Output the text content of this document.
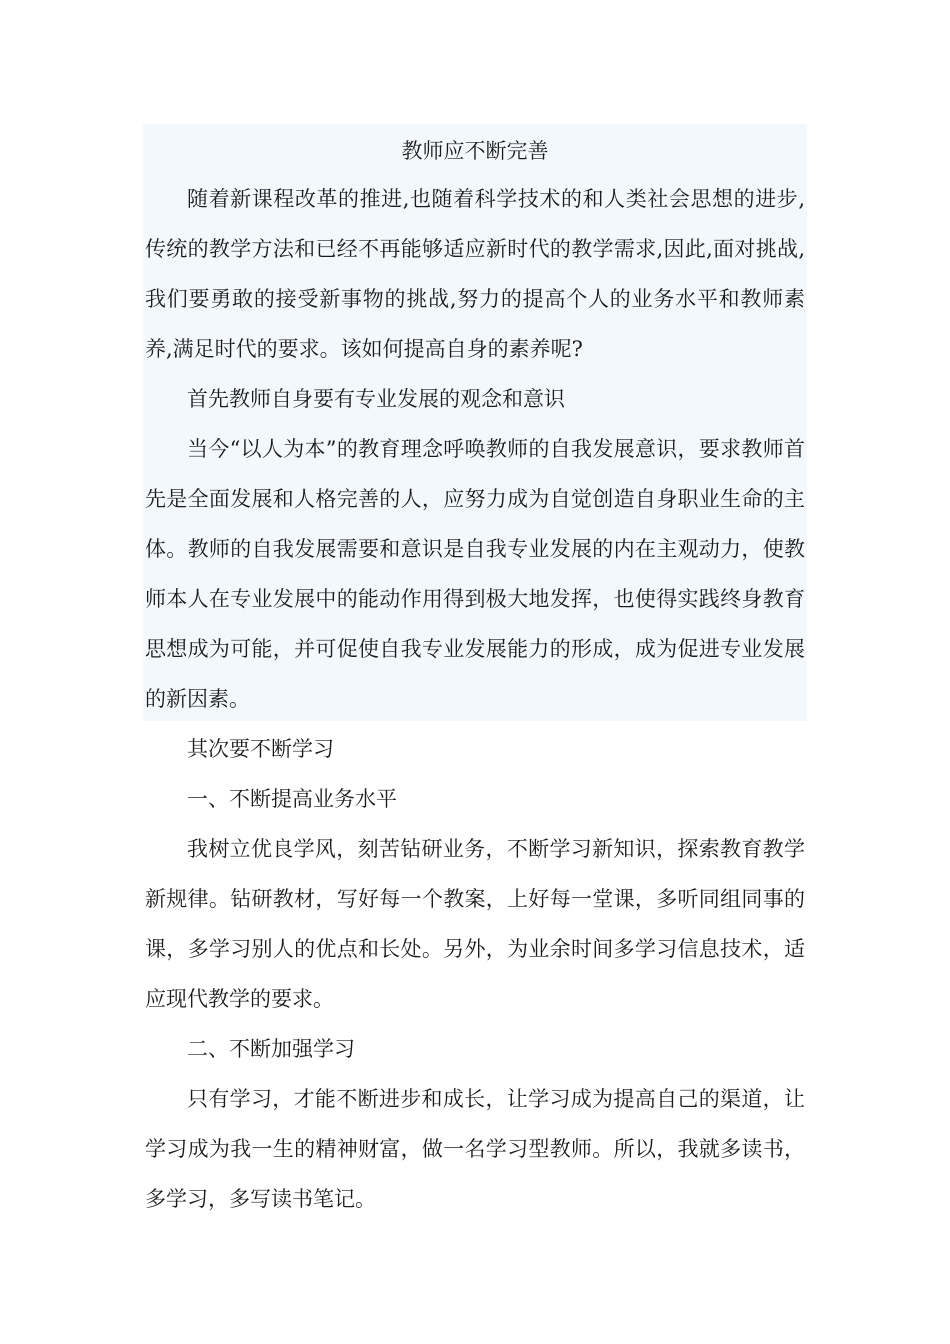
教师应不断完善

随着新课程改革的推进,也随着科学技术的和人类社会思想的进步,传统的教学方法和已经不再能够适应新时代的教学需求,因此,面对挑战,我们要勇敢的接受新事物的挑战,努力的提高个人的业务水平和教师素养,满足时代的要求。该如何提高自身的素养呢?

首先教师自身要有专业发展的观念和意识

当今“以人为本”的教育理念呼唤教师的自我发展意识，要求教师首先是全面发展和人格完善的人，应努力成为自觉创造自身职业生命的主体。教师的自我发展需要和意识是自我专业发展的内在主观动力，使教师本人在专业发展中的能动作用得到极大地发挥，也使得实践终身教育思想成为可能，并可促使自我专业发展能力的形成，成为促进专业发展的新因素。

其次要不断学习

一、不断提高业务水平

我树立优良学风，刻苦钻研业务，不断学习新知识，探索教育教学新规律。钻研教材，写好每一个教案，上好每一堂课，多听同组同事的课，多学习别人的优点和长处。另外，为业余时间多学习信息技术，适应现代教学的要求。

二、不断加强学习

只有学习，才能不断进步和成长，让学习成为提高自己的渠道，让学习成为我一生的精神财富，做一名学习型教师。所以，我就多读书，多学习，多写读书笔记。
